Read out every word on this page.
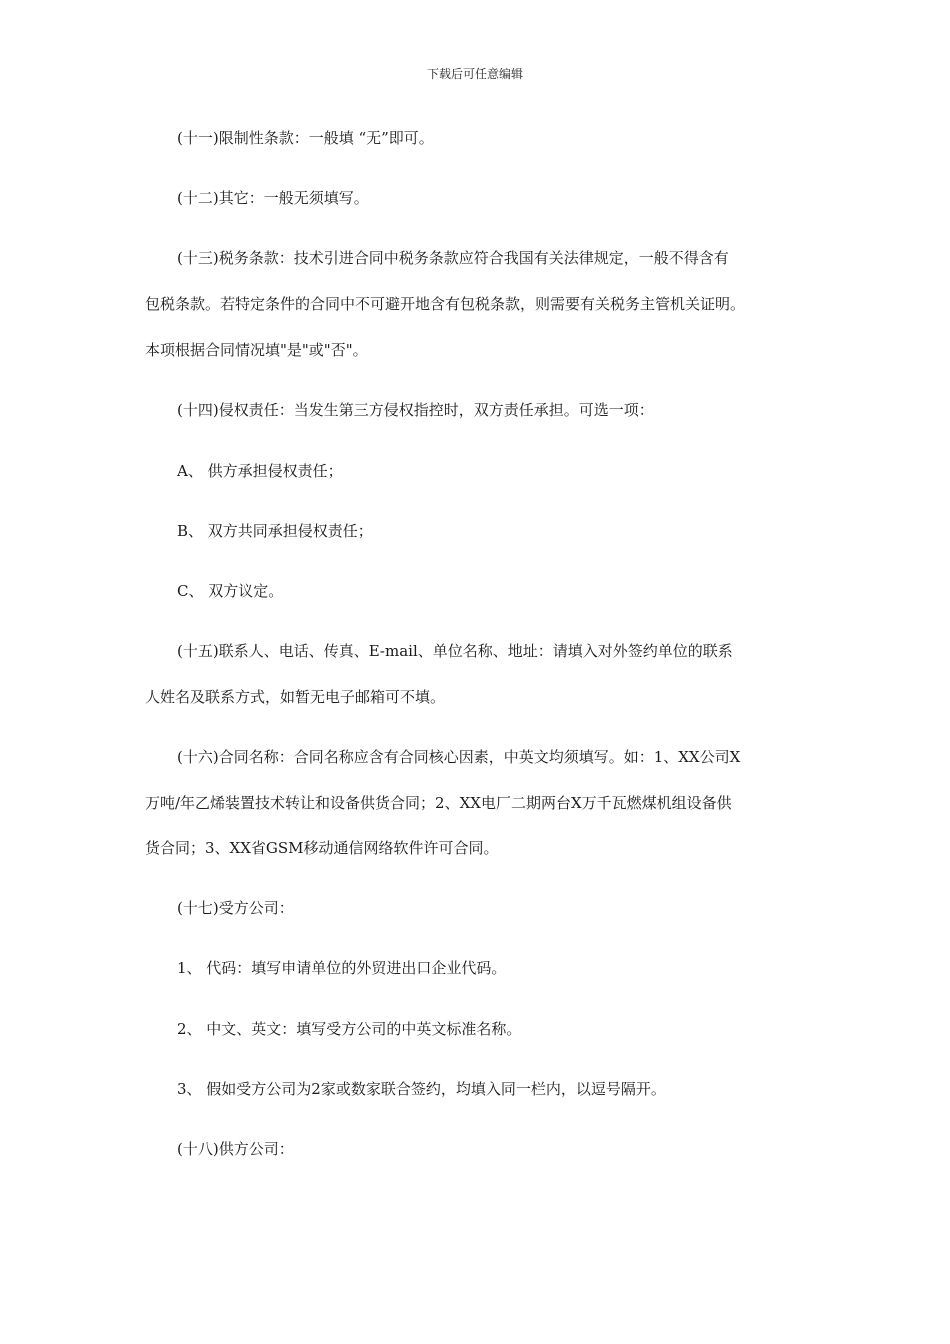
下载后可任意编辑
(十一)限制性条款：一般填 “无”即可。
(十二)其它：一般无须填写。
(十三)税务条款：技术引进合同中税务条款应符合我国有关法律规定，一般不得含有
包税条款。若特定条件的合同中不可避开地含有包税条款，则需要有关税务主管机关证明。
本项根据合同情况填"是"或"否"。
(十四)侵权责任：当发生第三方侵权指控时，双方责任承担。可选一项：
A、 供方承担侵权责任；
B、 双方共同承担侵权责任；
C、 双方议定。
(十五)联系人、电话、传真、E-mail、单位名称、地址：请填入对外签约单位的联系
人姓名及联系方式，如暂无电子邮箱可不填。
(十六)合同名称：合同名称应含有合同核心因素，中英文均须填写。如：1、XX公司X
万吨/年乙烯装置技术转让和设备供货合同；2、XX电厂二期两台X万千瓦燃煤机组设备供
货合同；3、XX省GSM移动通信网络软件许可合同。
(十七)受方公司：
1、 代码：填写申请单位的外贸进出口企业代码。
2、 中文、英文：填写受方公司的中英文标准名称。
3、 假如受方公司为2家或数家联合签约，均填入同一栏内，以逗号隔开。
(十八)供方公司：
